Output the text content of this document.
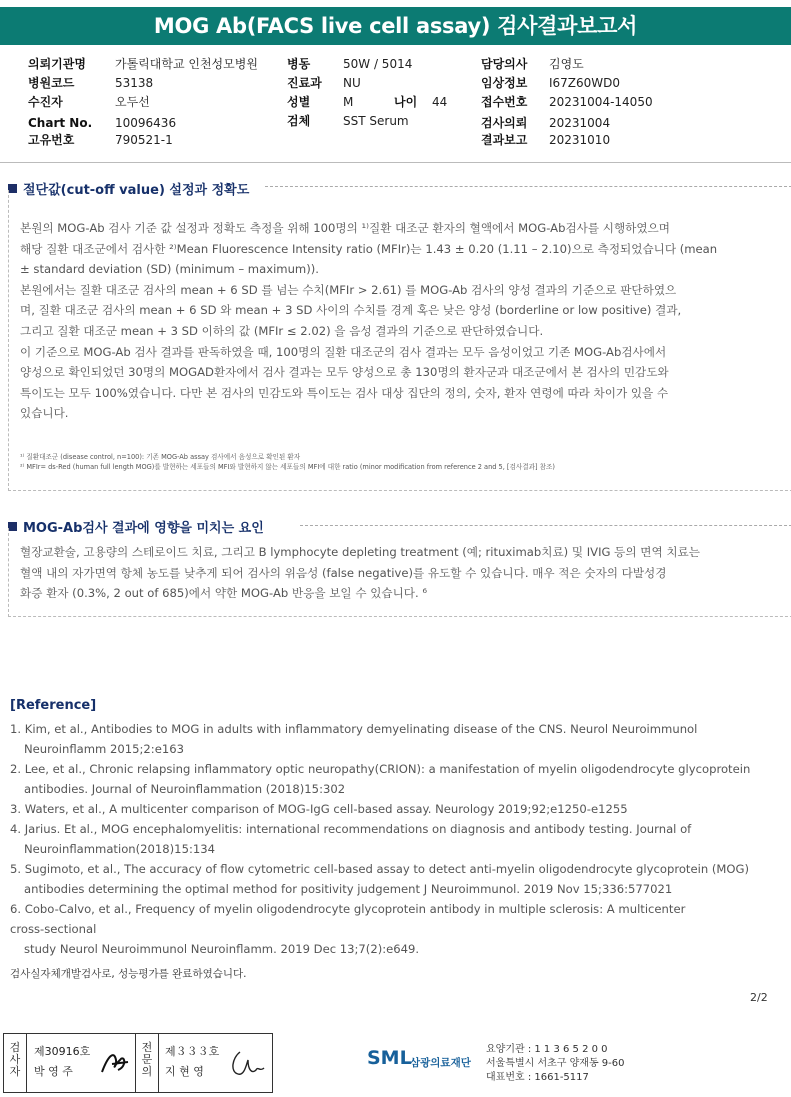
MOG Ab(FACS live cell assay) 검사결과보고서
의뢰기관명
병원코드
수진자
Chart No.
고유번호
가톨릭대학교 인천성모병원
53138
오두선
10096436
790521-1
병동
진료과
성별
검체
50W / 5014
NU
M
SST Serum
나이 44
담당의사
임상정보
접수번호
검사의뢰
결과보고
김영도
I67Z60WD0
20231004-14050
20231004
20231010
절단값(cut-off value) 설정과 정확도
본원의 MOG-Ab 검사 기준 값 설정과 정확도 측정을 위해 100명의 ¹⁾질환 대조군 환자의 혈액에서 MOG-Ab검사를 시행하였으며
해당 질환 대조군에서 검사한 ²⁾Mean Fluorescence Intensity ratio (MFIr)는 1.43 ± 0.20 (1.11 – 2.10)으로 측정되었습니다 (mean
± standard deviation (SD) (minimum – maximum)).
본원에서는 질환 대조군 검사의 mean + 6 SD 를 넘는 수치(MFIr > 2.61) 를 MOG-Ab 검사의 양성 결과의 기준으로 판단하였으
며, 질환 대조군 검사의 mean + 6 SD 와 mean + 3 SD 사이의 수치를 경계 혹은 낮은 양성 (borderline or low positive) 결과,
그리고 질환 대조군 mean + 3 SD 이하의 값 (MFIr ≤ 2.02) 을 음성 결과의 기준으로 판단하였습니다.
이 기준으로 MOG-Ab 검사 결과를 판독하였을 때, 100명의 질환 대조군의 검사 결과는 모두 음성이었고 기존 MOG-Ab검사에서
양성으로 확인되었던 30명의 MOGAD환자에서 검사 결과는 모두 양성으로 총 130명의 환자군과 대조군에서 본 검사의 민감도와
특이도는 모두 100%였습니다. 다만 본 검사의 민감도와 특이도는 검사 대상 집단의 정의, 숫자, 환자 연령에 따라 차이가 있을 수
있습니다.
¹⁾ 질환대조군 (disease control, n=100): 기존 MOG-Ab assay 검사에서 음성으로 확인된 환자
²⁾ MFIr= ds-Red (human full length MOG)를 발현하는 세포들의 MFI와 발현하지 않는 세포들의 MFI에 대한 ratio (minor modification from reference 2 and 5, [검사결과] 참조)
MOG-Ab검사 결과에 영향을 미치는 요인
혈장교환술, 고용량의 스테로이드 치료, 그리고 B lymphocyte depleting treatment (예; rituximab치료) 및 IVIG 등의 면역 치료는
혈액 내의 자가면역 항체 농도를 낮추게 되어 검사의 위음성 (false negative)를 유도할 수 있습니다. 매우 적은 숫자의 다발성경
화증 환자 (0.3%, 2 out of 685)에서 약한 MOG-Ab 반응을 보일 수 있습니다. ⁶
[Reference]
1. Kim, et al., Antibodies to MOG in adults with inflammatory demyelinating disease of the CNS. Neurol Neuroimmunol
Neuroinflamm 2015;2:e163
2. Lee, et al., Chronic relapsing inflammatory optic neuropathy(CRION): a manifestation of myelin oligodendrocyte glycoprotein
antibodies. Journal of Neuroinflammation (2018)15:302
3. Waters, et al., A multicenter comparison of MOG-IgG cell-based assay. Neurology 2019;92;e1250-e1255
4. Jarius. Et al., MOG encephalomyelitis: international recommendations on diagnosis and antibody testing. Journal of
Neuroinflammation(2018)15:134
5. Sugimoto, et al., The accuracy of flow cytometric cell-based assay to detect anti-myelin oligodendrocyte glycoprotein (MOG)
antibodies determining the optimal method for positivity judgement J Neuroimmunol. 2019 Nov 15;336:577021
6. Cobo-Calvo, et al., Frequency of myelin oligodendrocyte glycoprotein antibody in multiple sclerosis: A multicenter
cross-sectional
study Neurol Neuroimmunol Neuroinflamm. 2019 Dec 13;7(2):e649.
검사실자체개발검사로, 성능평가를 완료하였습니다.
2/2
검사자
제30916호
박 영 주
전문의
제３３３호
지 현 영
SML
삼광의료재단
요양기관 : 1 1 3 6 5 2 0 0
서울특별시 서초구 양재동 9-60
대표번호 : 1661-5117
